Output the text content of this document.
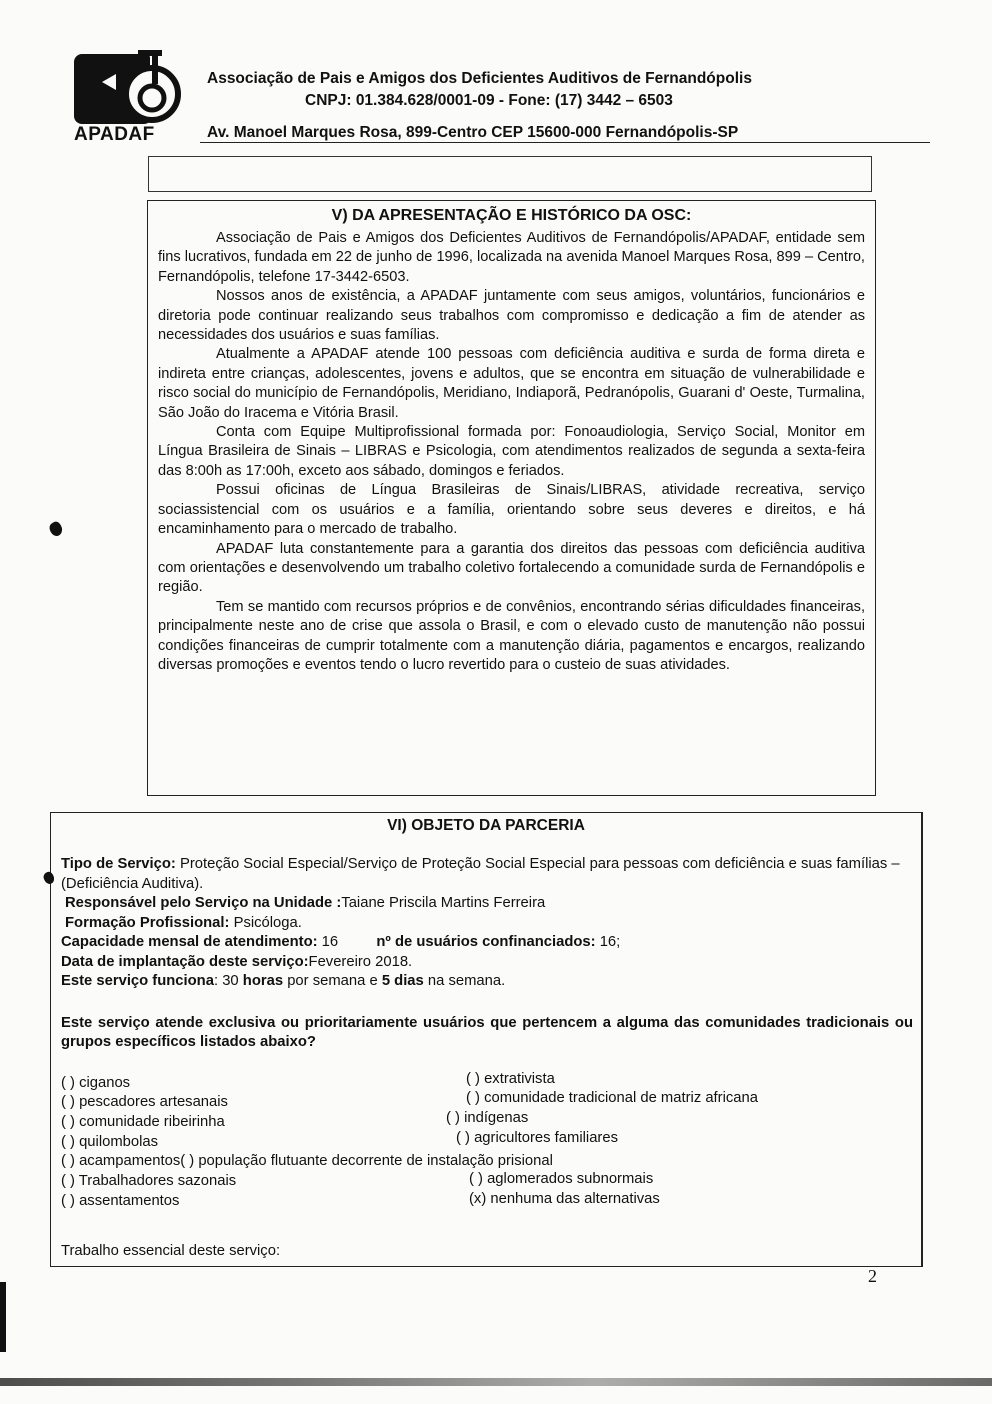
APADAF
Associação de Pais e Amigos dos Deficientes Auditivos de Fernandópolis
CNPJ: 01.384.628/0001-09 - Fone: (17) 3442 – 6503
Av. Manoel Marques Rosa, 899-Centro CEP 15600-000 Fernandópolis-SP
V) DA APRESENTAÇÃO E HISTÓRICO DA OSC:

Associação de Pais e Amigos dos Deficientes Auditivos de Fernandópolis/APADAF, entidade sem fins lucrativos, fundada em 22 de junho de 1996, localizada na avenida Manoel Marques Rosa, 899 – Centro, Fernandópolis, telefone 17-3442-6503.

Nossos anos de existência, a APADAF juntamente com seus amigos, voluntários, funcionários e diretoria pode continuar realizando seus trabalhos com compromisso e dedicação a fim de atender as necessidades dos usuários e suas famílias.

Atualmente a APADAF atende 100 pessoas com deficiência auditiva e surda de forma direta e indireta entre crianças, adolescentes, jovens e adultos, que se encontra em situação de vulnerabilidade e risco social do município de Fernandópolis, Meridiano, Indiaporã, Pedranópolis, Guarani d' Oeste, Turmalina, São João do Iracema e Vitória Brasil.

Conta com Equipe Multiprofissional formada por: Fonoaudiologia, Serviço Social, Monitor em Língua Brasileira de Sinais – LIBRAS e Psicologia, com atendimentos realizados de segunda a sexta-feira das 8:00h as 17:00h, exceto aos sábado, domingos e feriados.

Possui oficinas de Língua Brasileiras de Sinais/LIBRAS, atividade recreativa, serviço sociassistencial com os usuários e a família, orientando sobre seus deveres e direitos, e há encaminhamento para o mercado de trabalho.

APADAF luta constantemente para a garantia dos direitos das pessoas com deficiência auditiva com orientações e desenvolvendo um trabalho coletivo fortalecendo a comunidade surda de Fernandópolis e região.

Tem se mantido com recursos próprios e de convênios, encontrando sérias dificuldades financeiras, principalmente neste ano de crise que assola o Brasil, e com o elevado custo de manutenção não possui condições financeiras de cumprir totalmente com a manutenção diária, pagamentos e encargos, realizando diversas promoções e eventos tendo o lucro revertido para o custeio de suas atividades.

VI) OBJETO DA PARCERIA
Tipo de Serviço: Proteção Social Especial/Serviço de Proteção Social Especial para pessoas com deficiência e suas famílias – (Deficiência Auditiva).
Responsável pelo Serviço na Unidade :Taiane Priscila Martins Ferreira
Formação Profissional: Psicóloga.
Capacidade mensal de atendimento: 16	nº de usuários confinanciados: 16;
Data de implantação deste serviço:Fevereiro 2018.
Este serviço funciona: 30 horas por semana e 5 dias na semana.
Este serviço atende exclusiva ou prioritariamente usuários que pertencem a alguma das comunidades tradicionais ou grupos específicos listados abaixo?
( ) ciganos	( ) extrativista
( ) pescadores artesanais	( ) comunidade tradicional de matriz africana
( ) comunidade ribeirinha	( ) indígenas
( ) quilombolas	( ) agricultores familiares
( ) acampamentos( ) população flutuante decorrente de instalação prisional
( ) Trabalhadores sazonais	( ) aglomerados subnormais
( ) assentamentos	(x) nenhuma das alternativas
Trabalho essencial deste serviço:
2
